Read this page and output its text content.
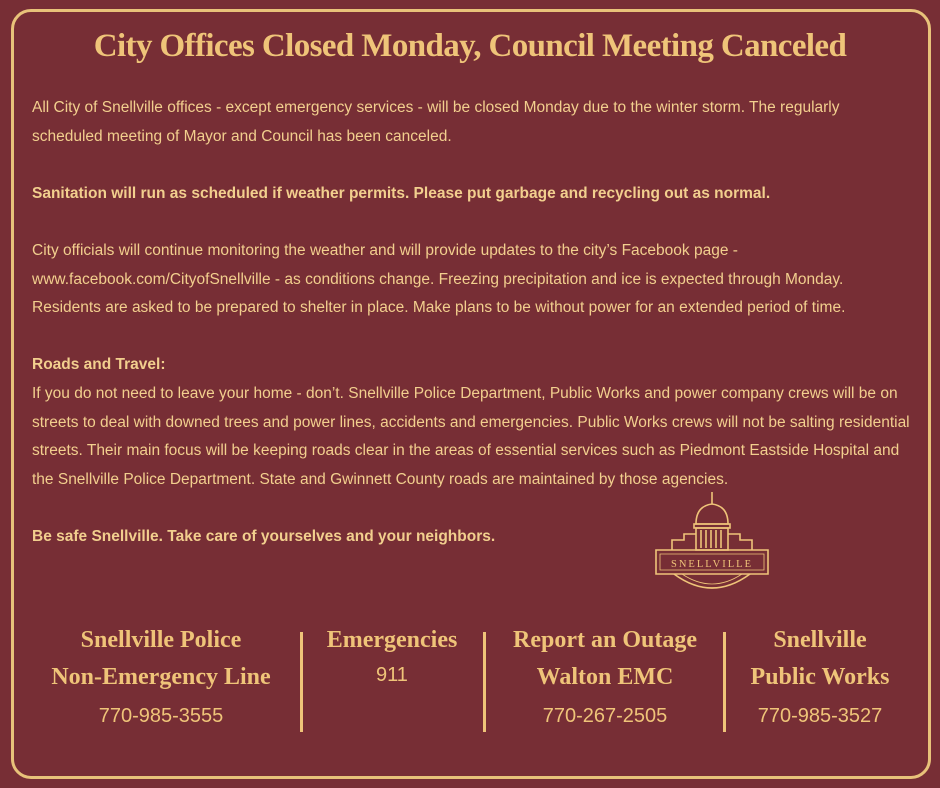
City Offices Closed Monday, Council Meeting Canceled

All City of Snellville offices - except emergency services - will be closed Monday due to the winter storm. The regularly scheduled meeting of Mayor and Council has been canceled.

Sanitation will run as scheduled if weather permits. Please put garbage and recycling out as normal.

City officials will continue monitoring the weather and will provide updates to the city’s Facebook page - www.facebook.com/CityofSnellville - as conditions change. Freezing precipitation and ice is expected through Monday. Residents are asked to be prepared to shelter in place. Make plans to be without power for an extended period of time.

Roads and Travel:

If you do not need to leave your home - don’t. Snellville Police Department, Public Works and power company crews will be on streets to deal with downed trees and power lines, accidents and emergencies. Public Works crews will not be salting residential streets. Their main focus will be keeping roads clear in the areas of essential services such as Piedmont Eastside Hospital and the Snellville Police Department. State and Gwinnett County roads are maintained by those agencies.

Be safe Snellville. Take care of yourselves and your neighbors.

SNELLVILLE
Snellville Police
Non-Emergency Line
770-985-3555
Emergencies
911
Report an Outage
Walton EMC
770-267-2505
Snellville
Public Works
770-985-3527
